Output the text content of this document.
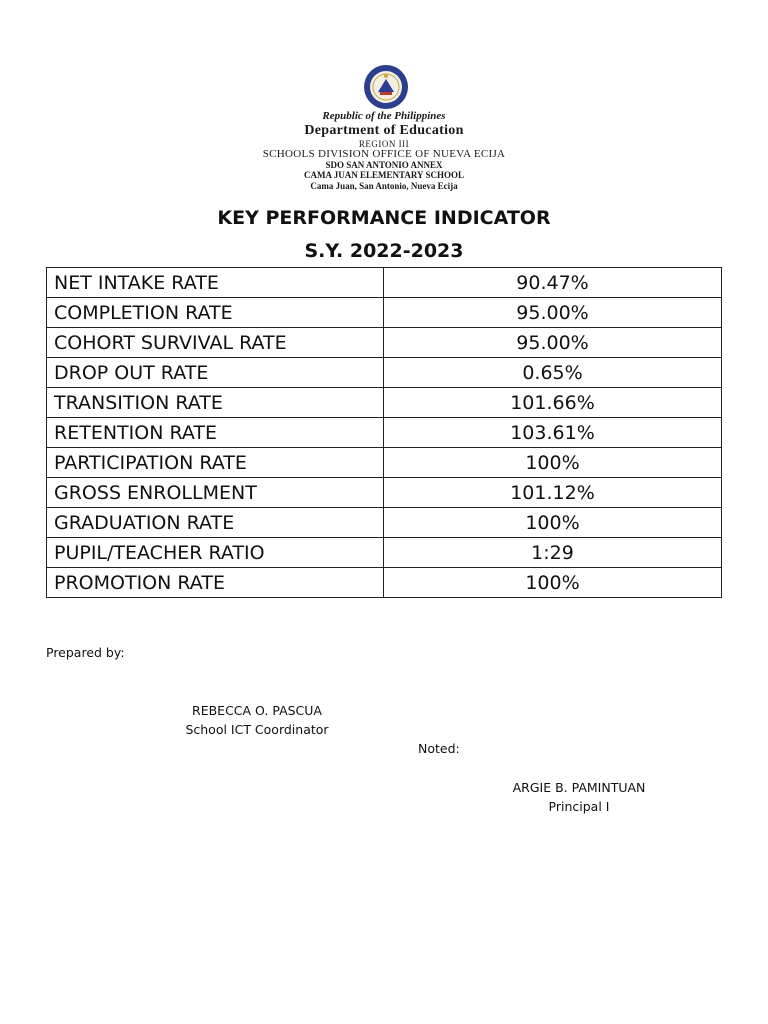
Republic of the Philippines
Department of Education
REGION III
SCHOOLS DIVISION OFFICE OF NUEVA ECIJA
SDO SAN ANTONIO ANNEX
CAMA JUAN ELEMENTARY SCHOOL
Cama Juan, San Antonio, Nueva Ecija
KEY PERFORMANCE INDICATOR
S.Y. 2022-2023
NET INTAKE RATE	90.47%
COMPLETION RATE	95.00%
COHORT SURVIVAL RATE	95.00%
DROP OUT RATE	0.65%
TRANSITION RATE	101.66%
RETENTION RATE	103.61%
PARTICIPATION RATE	100%
GROSS ENROLLMENT	101.12%
GRADUATION RATE	100%
PUPIL/TEACHER RATIO	1:29
PROMOTION RATE	100%
Prepared by:
REBECCA O. PASCUA
School ICT Coordinator
Noted:
ARGIE B. PAMINTUAN
Principal I
